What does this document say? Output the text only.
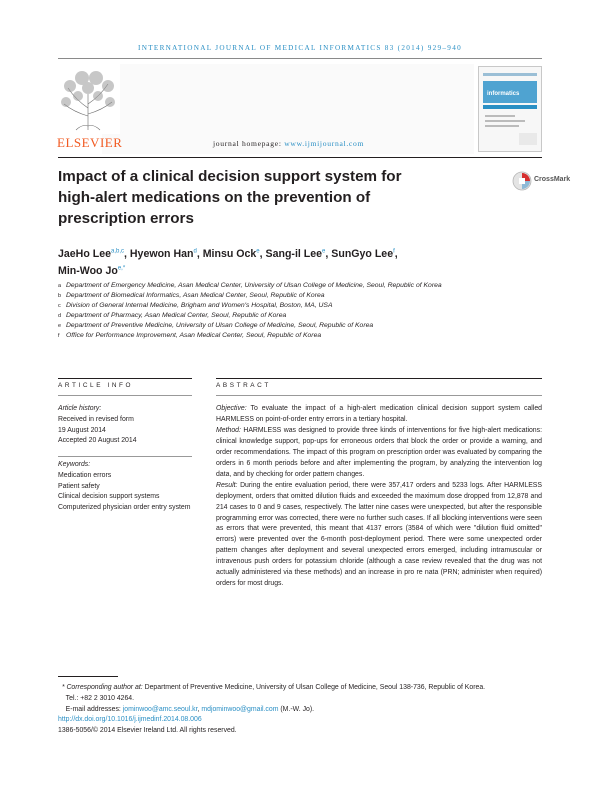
INTERNATIONAL JOURNAL OF MEDICAL INFORMATICS 83 (2014) 929–940
ELSEVIER	journal homepage: www.ijmijournal.com
informatics
Impact of a clinical decision support system for high-alert medications on the prevention of prescription errors
CrossMark
JaeHo Lee$^{a,b,c}$, Hyewon Han$^d$, Minsu Ock$^e$, Sang-il Lee$^e$, SunGyo Lee$^f$,
Min-Woo $Jo^{e,*}$
a Department of Emergency Medicine, Asan Medical Center, University of Ulsan College of Medicine, Seoul, Republic of Korea
b Department of Biomedical Informatics, Asan Medical Center, Seoul, Republic of Korea
c Division of General Internal Medicine, Brigham and Women's Hospital, Boston, MA, USA
d Department of Pharmacy, Asan Medical Center, Seoul, Republic of Korea
e Department of Preventive Medicine, University of Ulsan College of Medicine, Seoul, Republic of Korea
f Office for Performance Improvement, Asan Medical Center, Seoul, Republic of Korea
ARTICLE INFO	ABSTRACT
Article history:
Received in revised form
19 August 2014
Accepted 20 August 2014
Keywords:
Medication errors
Patient safety
Clinical decision support systems
Computerized physician order entry system

Objective: To evaluate the impact of a high-alert medication clinical decision support system called HARMLESS on point-of-order entry errors in a tertiary hospital.

Method: HARMLESS was designed to provide three kinds of interventions for five high-alert medications: clinical knowledge support, pop-ups for erroneous orders that block the order or provide a warning, and order recommendations. The impact of this program on prescription order was evaluated by comparing the orders in 6 month periods before and after implementing the program, by analyzing the intervention log data, and by checking for order pattern changes.

Result: During the entire evaluation period, there were 357,417 orders and 5233 logs. After HARMLESS deployment, orders that omitted dilution fluids and exceeded the maximum dose dropped from 12,878 and 214 cases to 0 and 9 cases, respectively. The latter nine cases were unexpected, but after the responsible programming error was corrected, there were no further such cases. If all blocking interventions were seen as errors that were prevented, this meant that 4137 errors (3584 of which were "dilution fluid omitted" errors) were prevented over the 6-month post-deployment period. There were some unexpected order pattern changes after deployment and several unexpected errors emerged, including intramuscular or intravenous push orders for potassium chloride (although a case review revealed that the drug was not actually administered via these methods) and an increase in pro re nata (PRN; administer when required) orders for most drugs.

* Corresponding author at: Department of Preventive Medicine, University of Ulsan College of Medicine, Seoul 138-736, Republic of Korea.

Tel.: +82 2 3010 4264.

E-mail addresses: jominwoo@amc.seoul.kr, mdjominwoo@gmail.com (M.-W. Jo).

http://dx.doi.org/10.1016/j.ijmedinf.2014.08.006

1386-5056/© 2014 Elsevier Ireland Ltd. All rights reserved.
